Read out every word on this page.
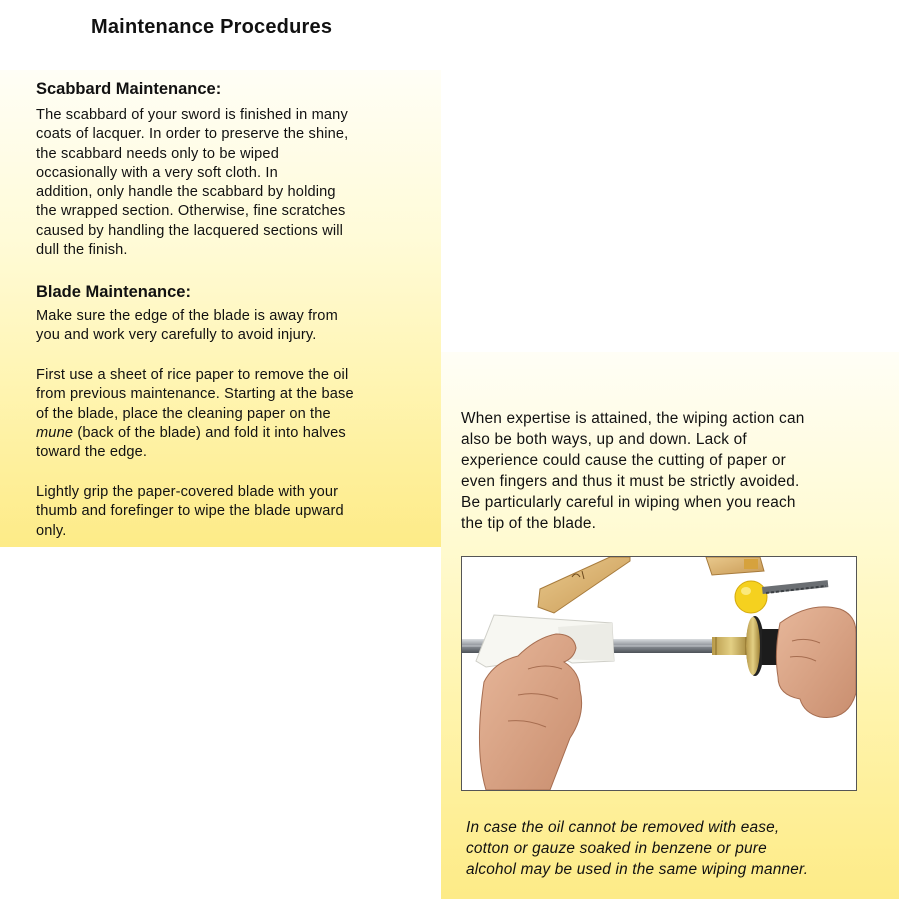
Maintenance Procedures
Scabbard Maintenance:

The scabbard of your sword is finished in many
coats of lacquer. In order to preserve the shine,
the scabbard needs only to be wiped
occasionally with a very soft cloth. In
addition, only handle the scabbard by holding
the wrapped section. Otherwise, fine scratches
caused by handling the lacquered sections will
dull the finish.

Blade Maintenance:

Make sure the edge of the blade is away from
you and work very carefully to avoid injury.

First use a sheet of rice paper to remove the oil
from previous maintenance. Starting at the base
of the blade, place the cleaning paper on the
mune (back of the blade) and fold it into halves
toward the edge.

Lightly grip the paper-covered blade with your
thumb and forefinger to wipe the blade upward
only.

When expertise is attained, the wiping action can
also be both ways, up and down. Lack of
experience could cause the cutting of paper or
even fingers and thus it must be strictly avoided.
Be particularly careful in wiping when you reach
the tip of the blade.

In case the oil cannot be removed with ease,
cotton or gauze soaked in benzene or pure
alcohol may be used in the same wiping manner.
